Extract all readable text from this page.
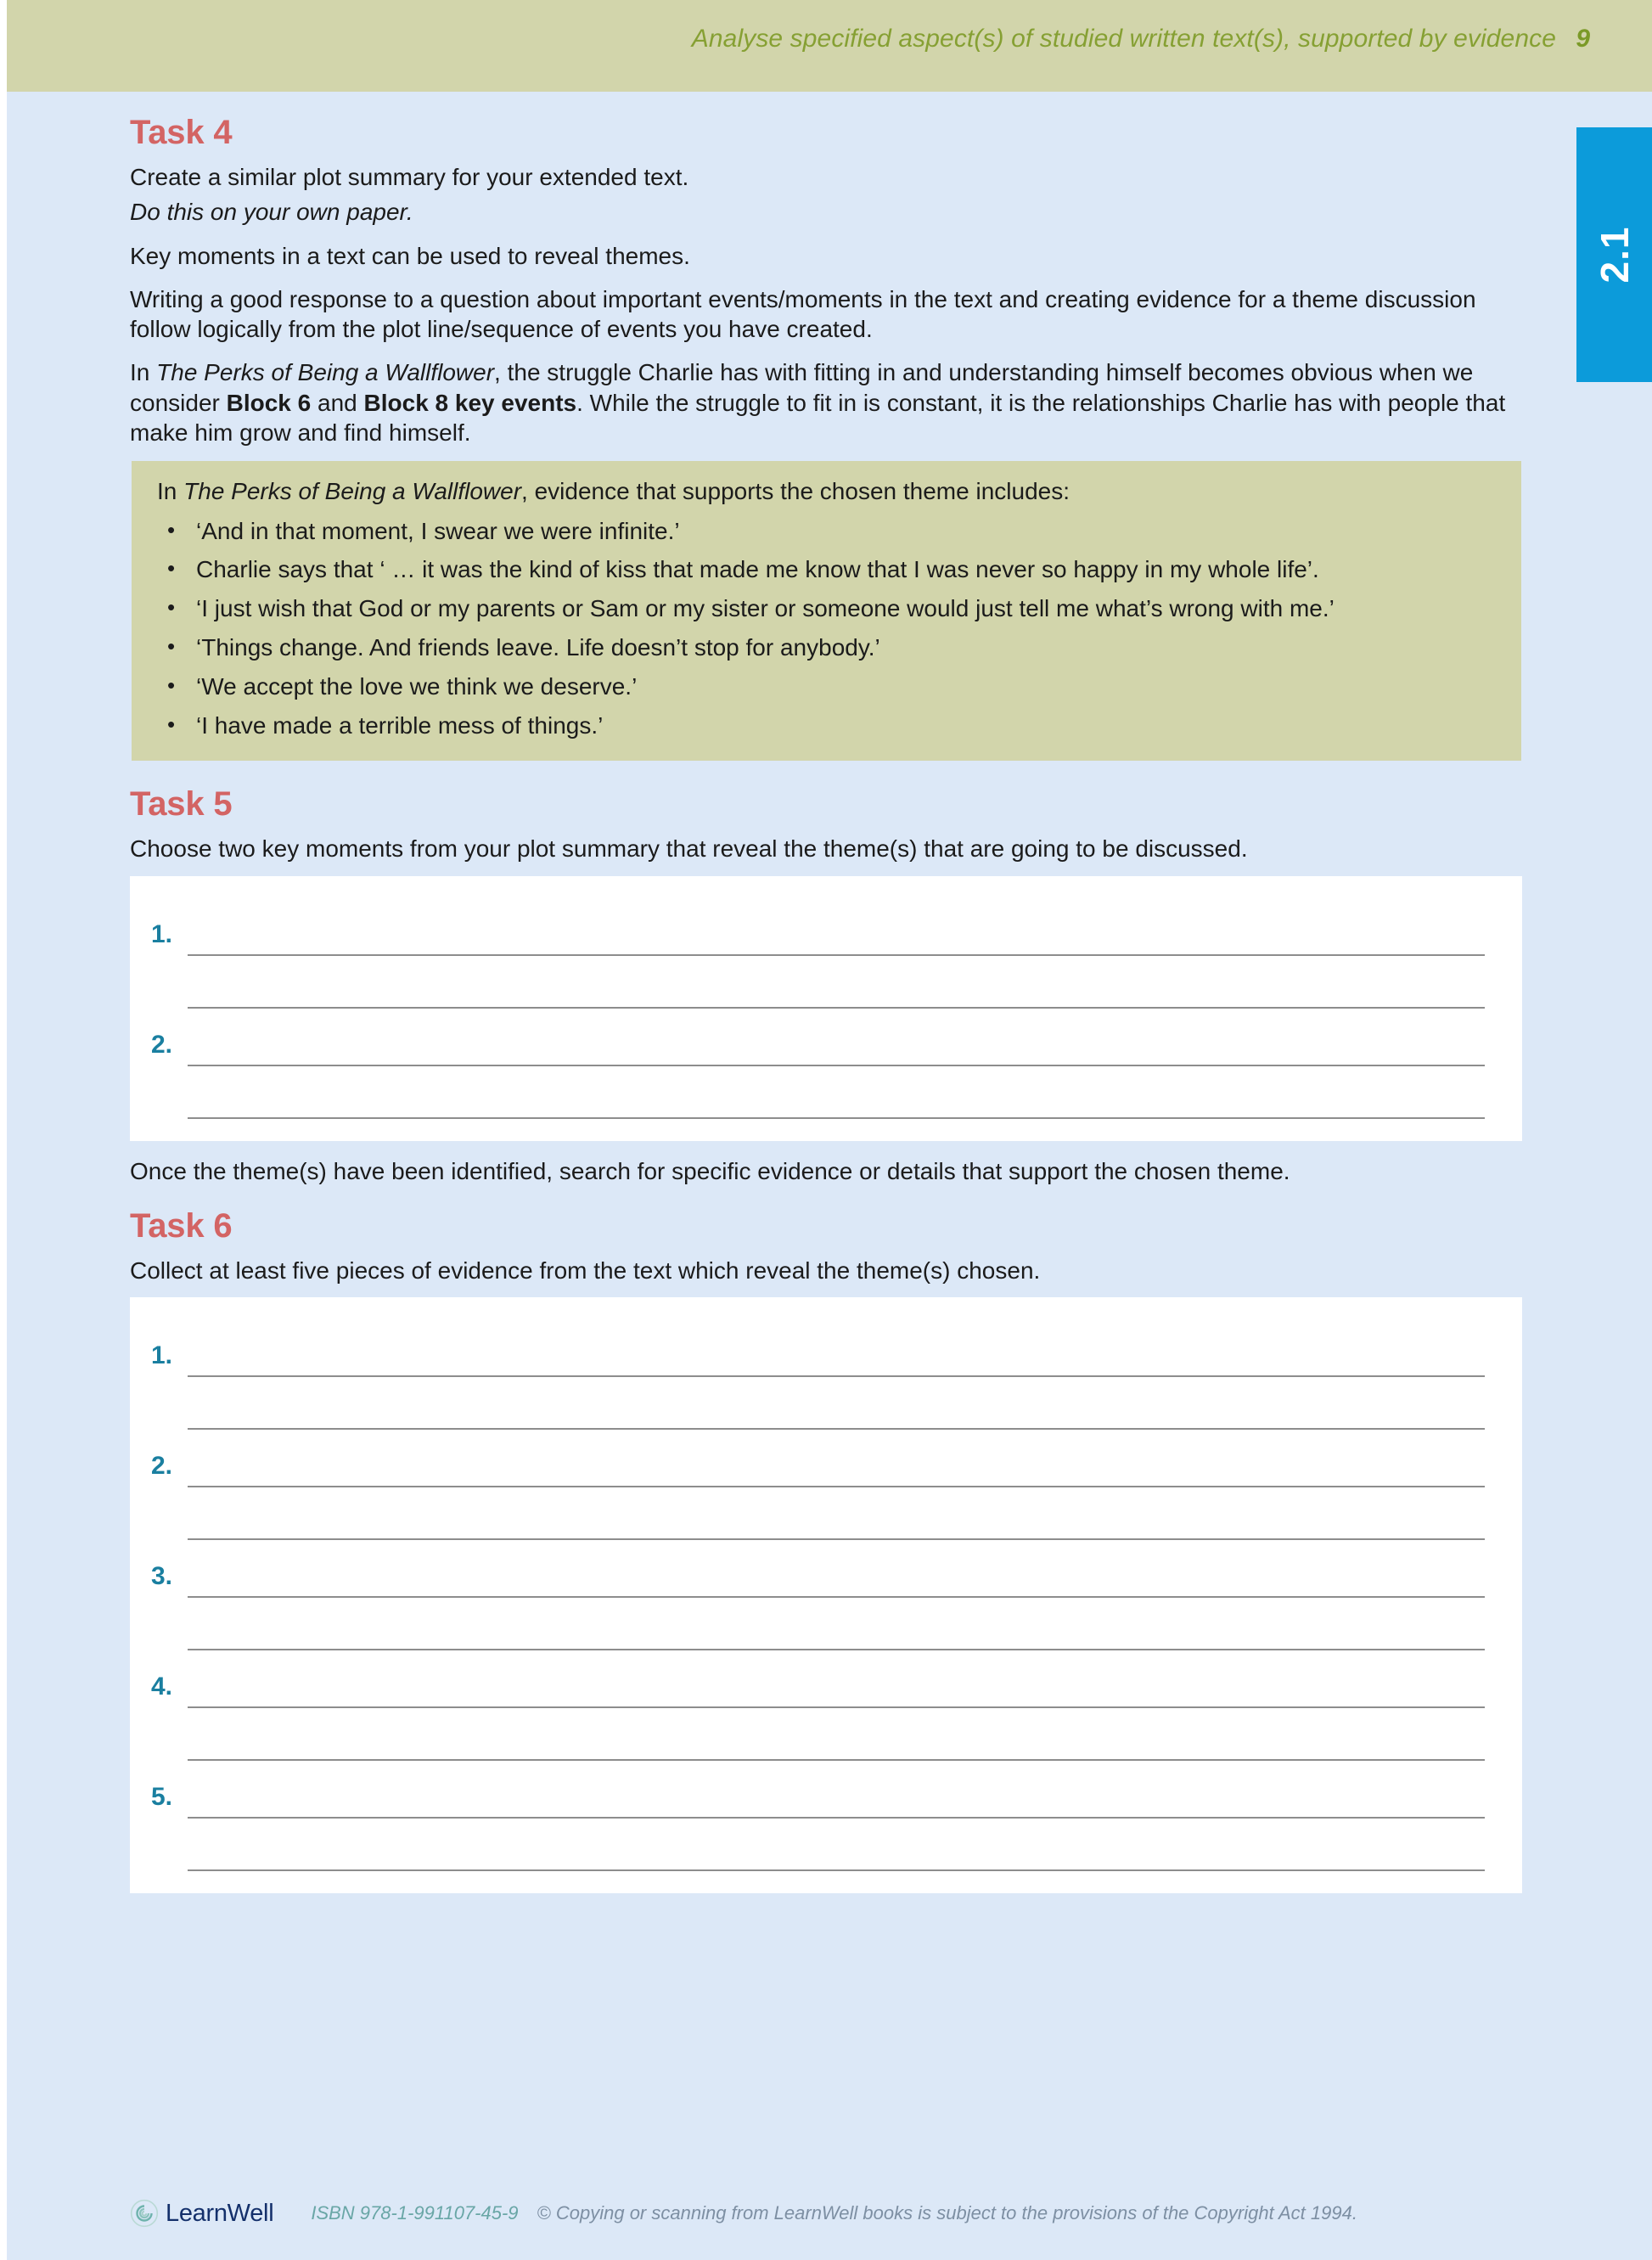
Analyse specified aspect(s) of studied written text(s), supported by evidence 9
2.1
Task 4

Create a similar plot summary for your extended text.

Do this on your own paper.

Key moments in a text can be used to reveal themes.

Writing a good response to a question about important events/moments in the text and creating evidence for a theme discussion follow logically from the plot line/sequence of events you have created.

In The Perks of Being a Wallflower, the struggle Charlie has with fitting in and understanding himself becomes obvious when we consider Block 6 and Block 8 key events. While the struggle to fit in is constant, it is the relationships Charlie has with people that make him grow and find himself.

In The Perks of Being a Wallflower, evidence that supports the chosen theme includes:
• ‘And in that moment, I swear we were infinite.’
• Charlie says that ‘ … it was the kind of kiss that made me know that I was never so happy in my whole life’.
• ‘I just wish that God or my parents or Sam or my sister or someone would just tell me what’s wrong with me.’
• ‘Things change. And friends leave. Life doesn’t stop for anybody.’
• ‘We accept the love we think we deserve.’
• ‘I have made a terrible mess of things.’
Task 5

Choose two key moments from your plot summary that reveal the theme(s) that are going to be discussed.

1.
2.

Once the theme(s) have been identified, search for specific evidence or details that support the chosen theme.

Task 6

Collect at least five pieces of evidence from the text which reveal the theme(s) chosen.

1.
2.
3.
4.
5.
LearnWell ISBN 978-1-991107-45-9 © Copying or scanning from LearnWell books is subject to the provisions of the Copyright Act 1994.
